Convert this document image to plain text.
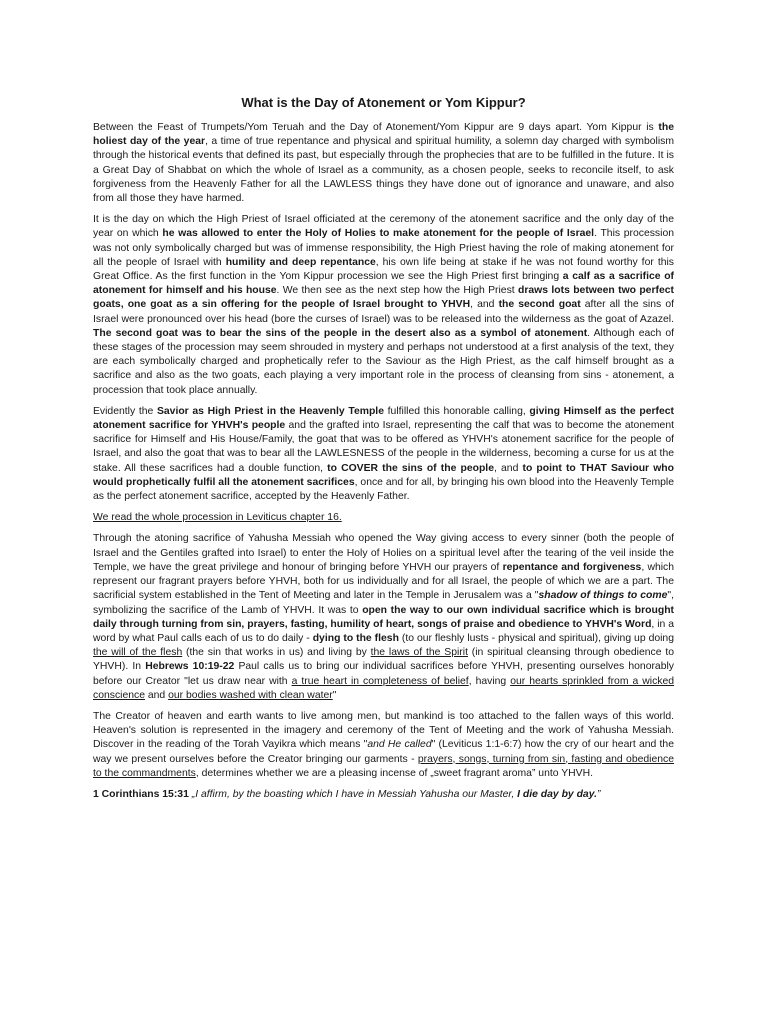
What is the Day of Atonement or Yom Kippur?

Between the Feast of Trumpets/Yom Teruah and the Day of Atonement/Yom Kippur are 9 days apart. Yom Kippur is the holiest day of the year, a time of true repentance and physical and spiritual humility, a solemn day charged with symbolism through the historical events that defined its past, but especially through the prophecies that are to be fulfilled in the future. It is a Great Day of Shabbat on which the whole of Israel as a community, as a chosen people, seeks to reconcile itself, to ask forgiveness from the Heavenly Father for all the LAWLESS things they have done out of ignorance and unaware, and also from all those they have harmed.

It is the day on which the High Priest of Israel officiated at the ceremony of the atonement sacrifice and the only day of the year on which he was allowed to enter the Holy of Holies to make atonement for the people of Israel. This procession was not only symbolically charged but was of immense responsibility, the High Priest having the role of making atonement for all the people of Israel with humility and deep repentance, his own life being at stake if he was not found worthy for this Great Office. As the first function in the Yom Kippur procession we see the High Priest first bringing a calf as a sacrifice of atonement for himself and his house. We then see as the next step how the High Priest draws lots between two perfect goats, one goat as a sin offering for the people of Israel brought to YHVH, and the second goat after all the sins of Israel were pronounced over his head (bore the curses of Israel) was to be released into the wilderness as the goat of Azazel. The second goat was to bear the sins of the people in the desert also as a symbol of atonement. Although each of these stages of the procession may seem shrouded in mystery and perhaps not understood at a first analysis of the text, they are each symbolically charged and prophetically refer to the Saviour as the High Priest, as the calf himself brought as a sacrifice and also as the two goats, each playing a very important role in the process of cleansing from sins - atonement, a procession that took place annually.

Evidently the Savior as High Priest in the Heavenly Temple fulfilled this honorable calling, giving Himself as the perfect atonement sacrifice for YHVH's people and the grafted into Israel, representing the calf that was to become the atonement sacrifice for Himself and His House/Family, the goat that was to be offered as YHVH's atonement sacrifice for the people of Israel, and also the goat that was to bear all the LAWLESNESS of the people in the wilderness, becoming a curse for us at the stake. All these sacrifices had a double function, to COVER the sins of the people, and to point to THAT Saviour who would prophetically fulfil all the atonement sacrifices, once and for all, by bringing his own blood into the Heavenly Temple as the perfect atonement sacrifice, accepted by the Heavenly Father.

We read the whole procession in Leviticus chapter 16.

Through the atoning sacrifice of Yahusha Messiah who opened the Way giving access to every sinner (both the people of Israel and the Gentiles grafted into Israel) to enter the Holy of Holies on a spiritual level after the tearing of the veil inside the Temple, we have the great privilege and honour of bringing before YHVH our prayers of repentance and forgiveness, which represent our fragrant prayers before YHVH, both for us individually and for all Israel, the people of which we are a part. The sacrificial system established in the Tent of Meeting and later in the Temple in Jerusalem was a "shadow of things to come", symbolizing the sacrifice of the Lamb of YHVH. It was to open the way to our own individual sacrifice which is brought daily through turning from sin, prayers, fasting, humility of heart, songs of praise and obedience to YHVH's Word, in a word by what Paul calls each of us to do daily - dying to the flesh (to our fleshly lusts - physical and spiritual), giving up doing the will of the flesh (the sin that works in us) and living by the laws of the Spirit (in spiritual cleansing through obedience to YHVH). In Hebrews 10:19-22 Paul calls us to bring our individual sacrifices before YHVH, presenting ourselves honorably before our Creator "let us draw near with a true heart in completeness of belief, having our hearts sprinkled from a wicked conscience and our bodies washed with clean water"

The Creator of heaven and earth wants to live among men, but mankind is too attached to the fallen ways of this world. Heaven's solution is represented in the imagery and ceremony of the Tent of Meeting and the work of Yahusha Messiah. Discover in the reading of the Torah Vayikra which means "and He called" (Leviticus 1:1-6:7) how the cry of our heart and the way we present ourselves before the Creator bringing our garments - prayers, songs, turning from sin, fasting and obedience to the commandments, determines whether we are a pleasing incense of „sweet fragrant aroma” unto YHVH.

1 Corinthians 15:31 „I affirm, by the boasting which I have in Messiah Yahusha our Master, I die day by day.”
